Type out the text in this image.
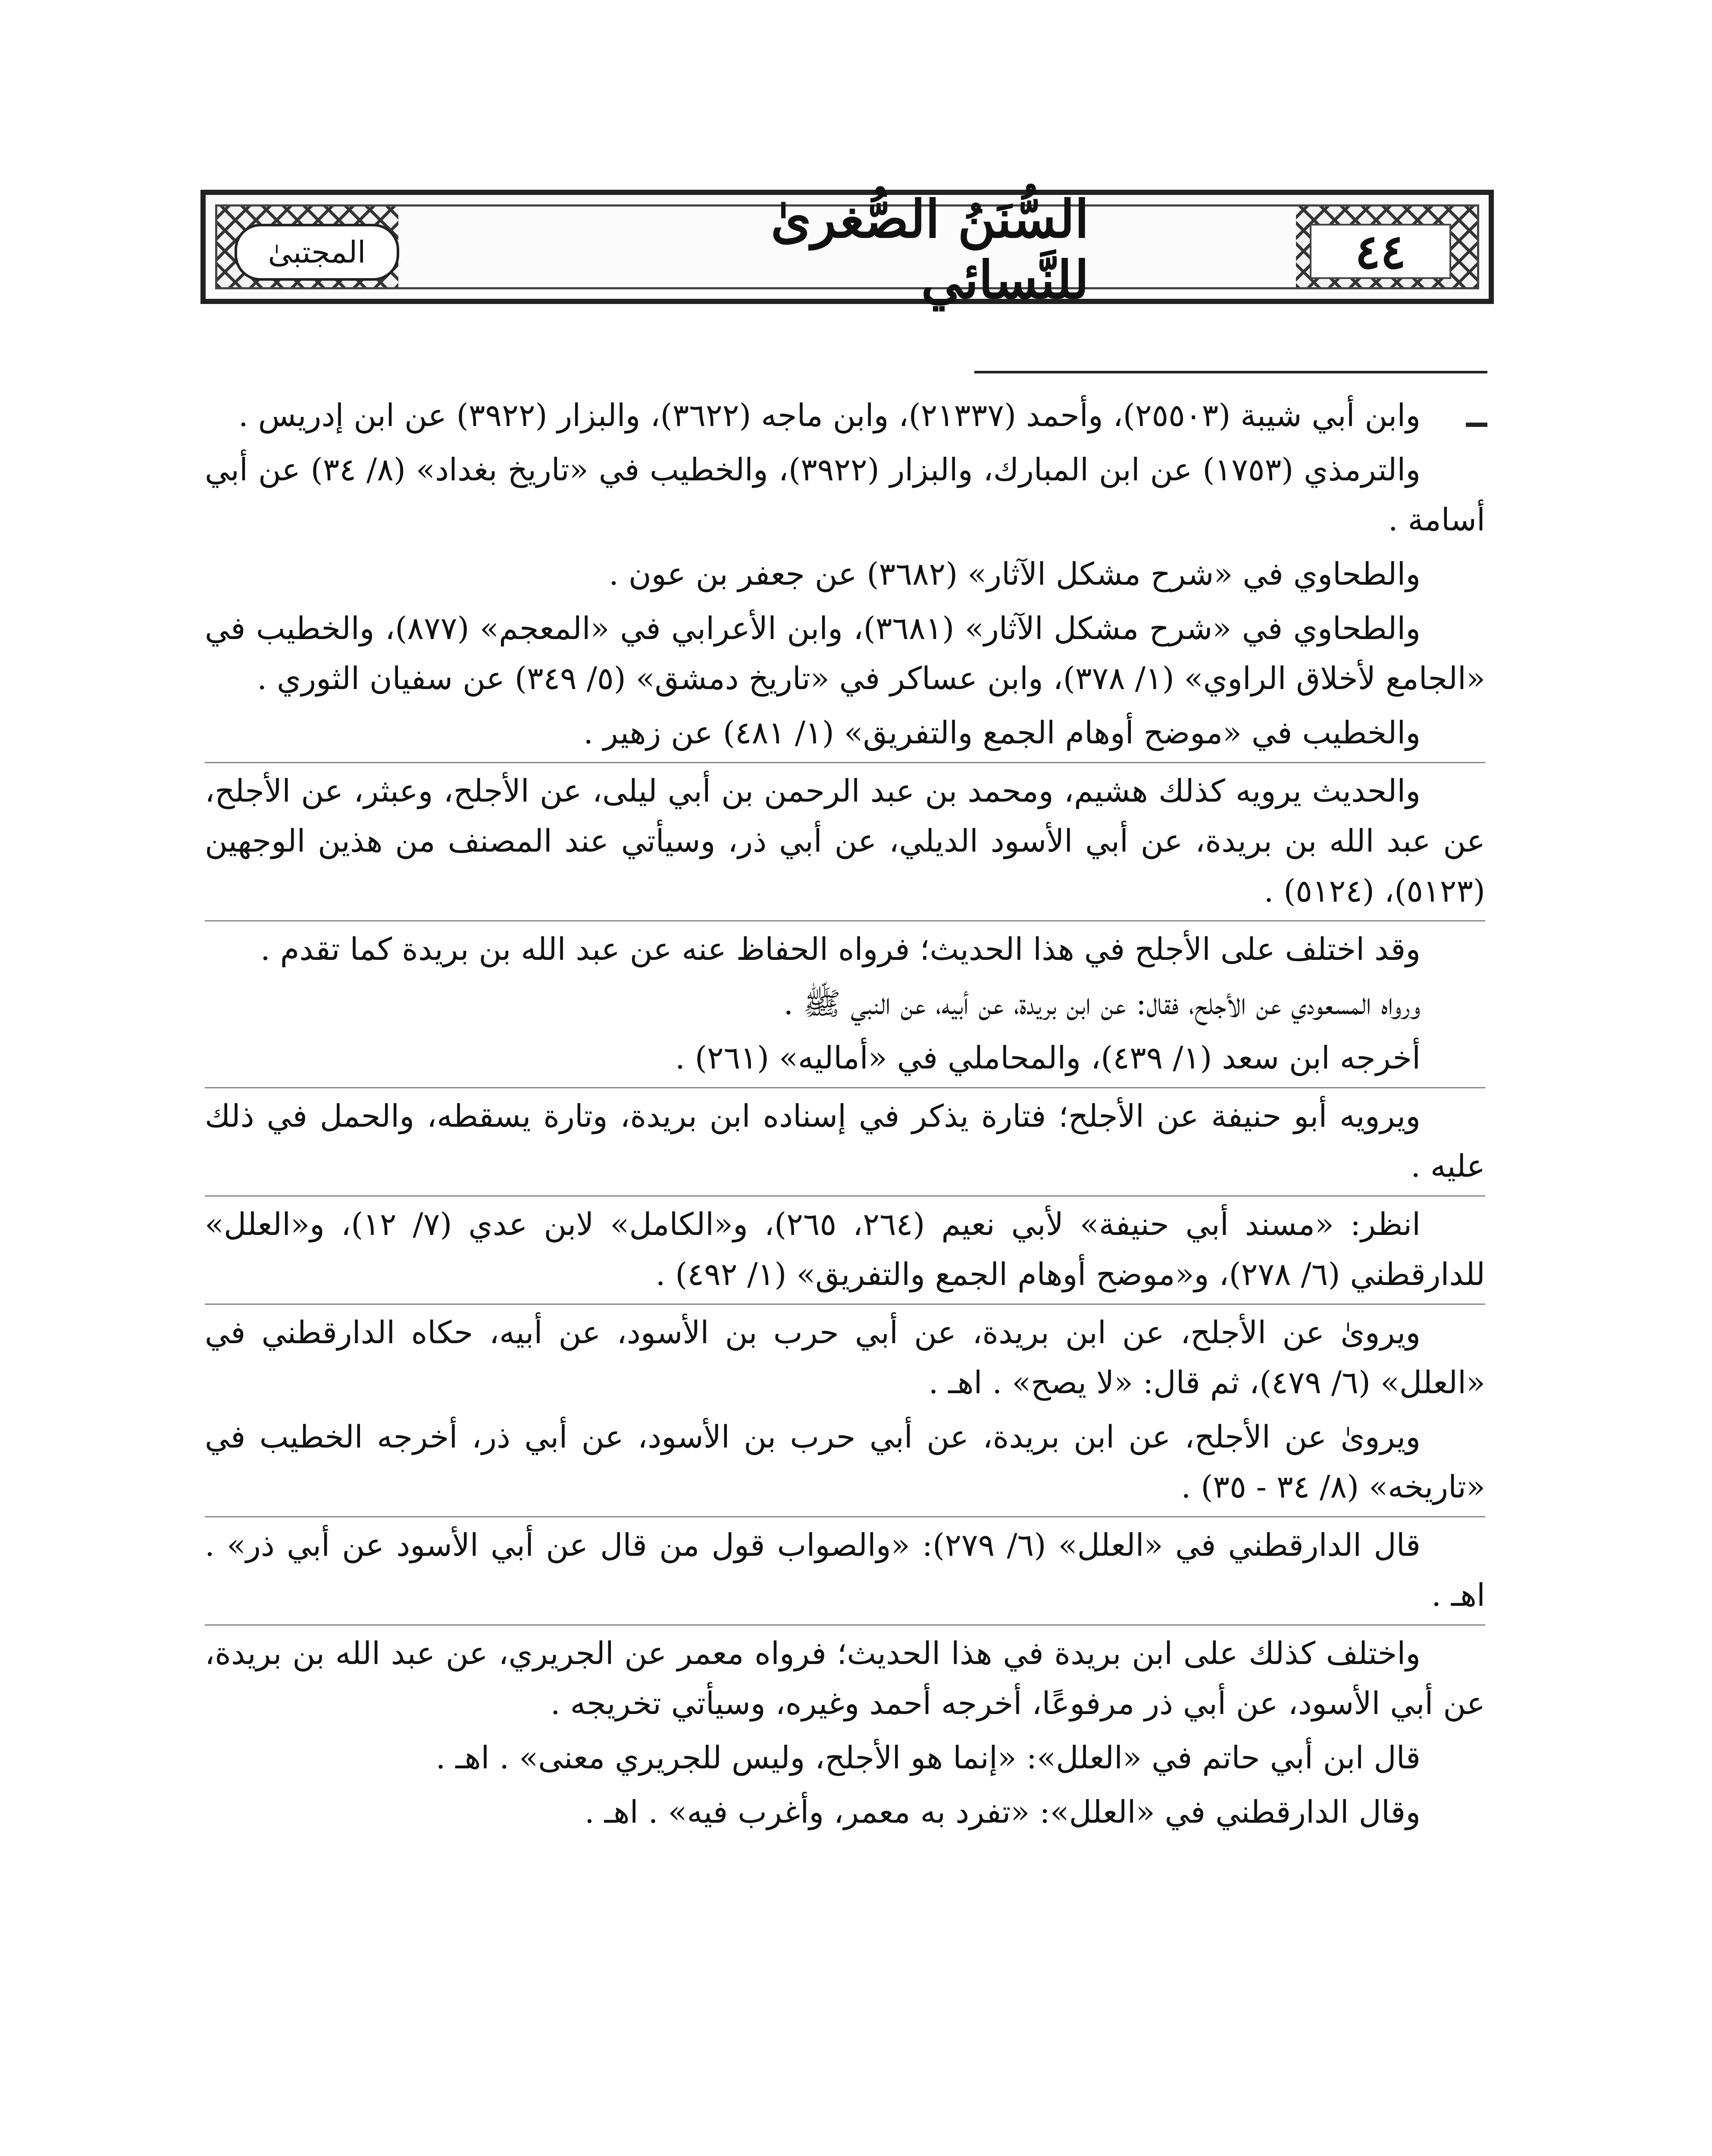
المجتبىٰ	٤٤
السُّنَنُ الصُّغرىٰ للنَّسائي

وابن أبي شيبة (٢٥٥٠٣)، وأحمد (٢١٣٣٧)، وابن ماجه (٣٦٢٢)، والبزار (٣٩٢٢) عن ابن إدريس .

والترمذي (١٧٥٣) عن ابن المبارك، والبزار (٣٩٢٢)، والخطيب في «تاريخ بغداد» (٨/ ٣٤) عن أبي أسامة .

والطحاوي في «شرح مشكل الآثار» (٣٦٨٢) عن جعفر بن عون .

والطحاوي في «شرح مشكل الآثار» (٣٦٨١)، وابن الأعرابي في «المعجم» (٨٧٧)، والخطيب في «الجامع لأخلاق الراوي» (١/ ٣٧٨)، وابن عساكر في «تاريخ دمشق» (٥/ ٣٤٩) عن سفيان الثوري .

والخطيب في «موضح أوهام الجمع والتفريق» (١/ ٤٨١) عن زهير .

والحديث يرويه كذلك هشيم، ومحمد بن عبد الرحمن بن أبي ليلى، عن الأجلح، وعبثر، عن الأجلح، عن عبد الله بن بريدة، عن أبي الأسود الديلي، عن أبي ذر، وسيأتي عند المصنف من هذين الوجهين (٥١٢٣)، (٥١٢٤) .

وقد اختلف على الأجلح في هذا الحديث؛ فرواه الحفاظ عنه عن عبد الله بن بريدة كما تقدم .

ورواه المسعودي عن الأجلح، فقال: عن ابن بريدة، عن أبيه، عن النبي ﷺ .

أخرجه ابن سعد (١/ ٤٣٩)، والمحاملي في «أماليه» (٢٦١) .

ويرويه أبو حنيفة عن الأجلح؛ فتارة يذكر في إسناده ابن بريدة، وتارة يسقطه، والحمل في ذلك عليه .

انظر: «مسند أبي حنيفة» لأبي نعيم (٢٦٤، ٢٦٥)، و«الكامل» لابن عدي (٧/ ١٢)، و«العلل» للدارقطني (٦/ ٢٧٨)، و«موضح أوهام الجمع والتفريق» (١/ ٤٩٢) .

ويروىٰ عن الأجلح، عن ابن بريدة، عن أبي حرب بن الأسود، عن أبيه، حكاه الدارقطني في «العلل» (٦/ ٤٧٩)، ثم قال: «لا يصح» . اهـ .

ويروىٰ عن الأجلح، عن ابن بريدة، عن أبي حرب بن الأسود، عن أبي ذر، أخرجه الخطيب في «تاريخه» (٨/ ٣٤ - ٣٥) .

قال الدارقطني في «العلل» (٦/ ٢٧٩): «والصواب قول من قال عن أبي الأسود عن أبي ذر» . اهـ .

واختلف كذلك على ابن بريدة في هذا الحديث؛ فرواه معمر عن الجريري، عن عبد الله بن بريدة، عن أبي الأسود، عن أبي ذر مرفوعًا، أخرجه أحمد وغيره، وسيأتي تخريجه .

قال ابن أبي حاتم في «العلل»: «إنما هو الأجلح، وليس للجريري معنى» . اهـ .

وقال الدارقطني في «العلل»: «تفرد به معمر، وأغرب فيه» . اهـ .
